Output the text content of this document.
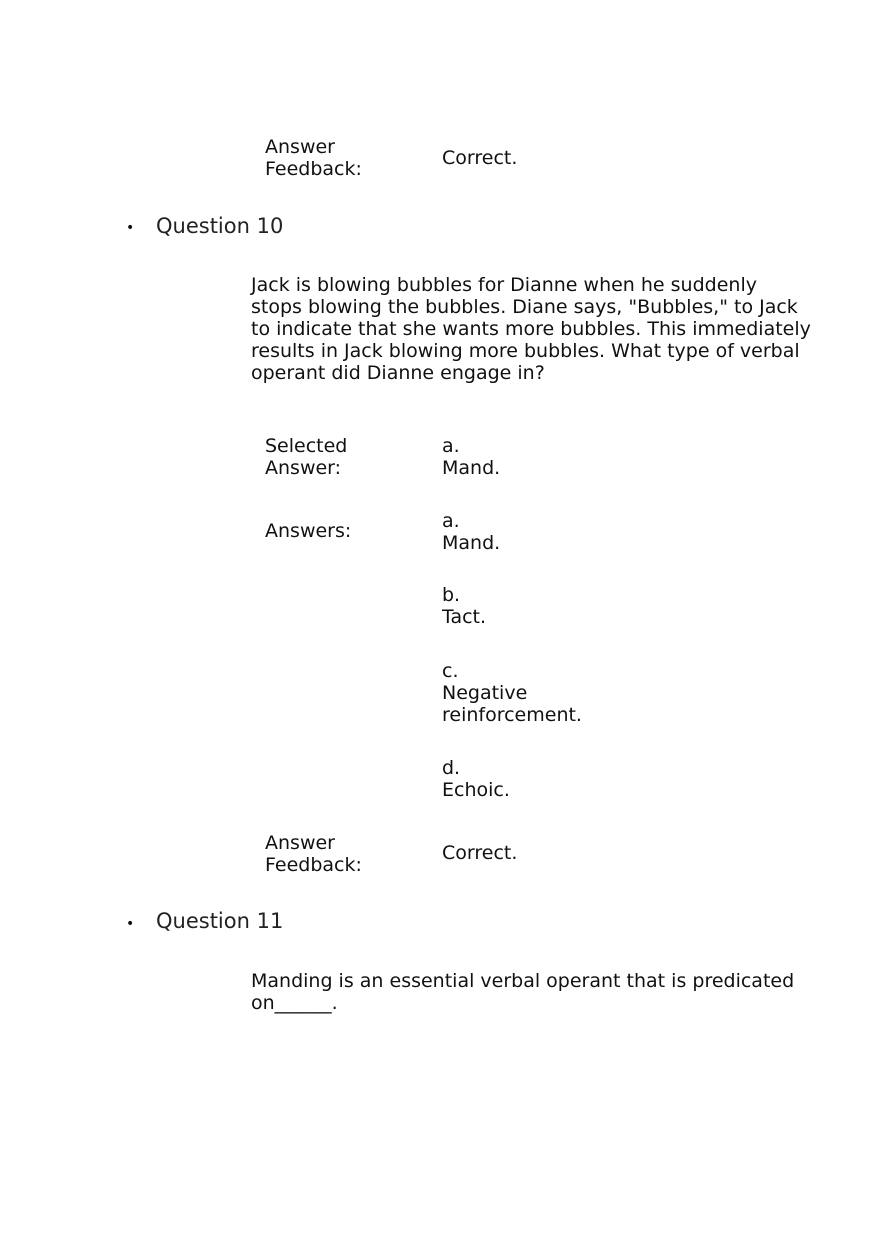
Answer Feedback:	Correct.
• Question 10
Jack is blowing bubbles for Dianne when he suddenly stops blowing the bubbles. Diane says, "Bubbles," to Jack to indicate that she wants more bubbles. This immediately results in Jack blowing more bubbles. What type of verbal operant did Dianne engage in?
Selected Answer:
a.
Mand.
Answers:	a.
Mand.
b.
Tact.
c.
Negative reinforcement.
d.
Echoic.
Answer Feedback:
Correct.
• Question 11
Manding is an essential verbal operant that is predicated on______.
